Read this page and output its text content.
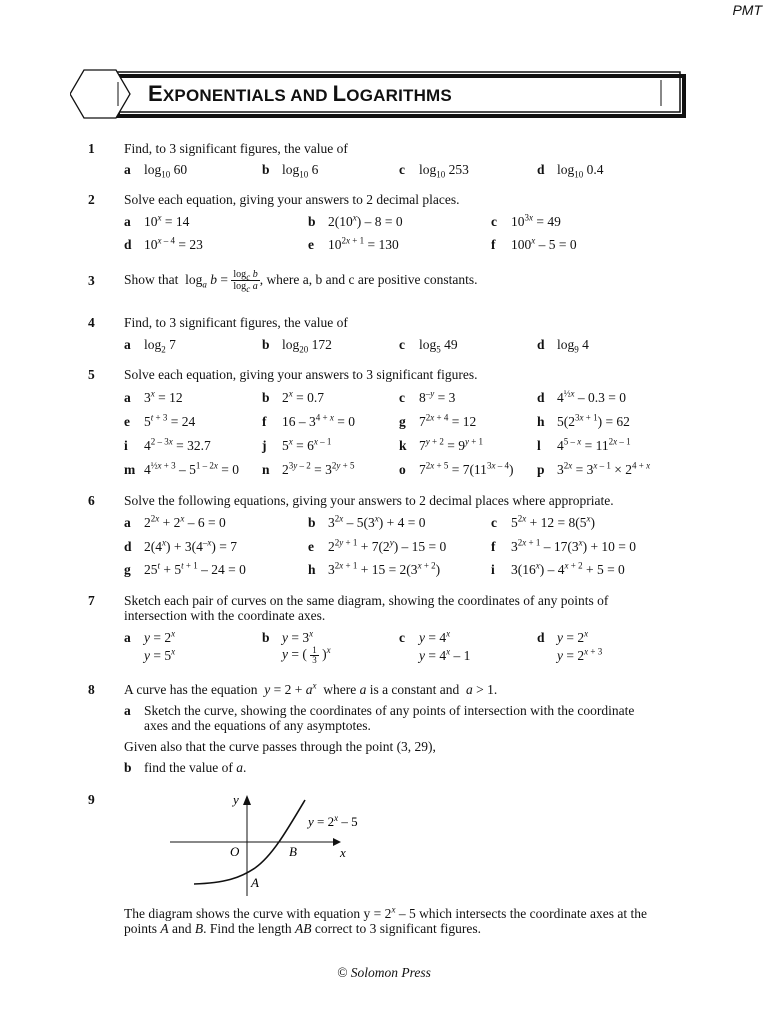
PMT
EXPONENTIALS AND LOGARITHMS
1 Find, to 3 significant figures, the value of
a $\log_{10} 60$	b $\log_{10} 6$	c $\log_{10} 253$	d $\log_{10} 0.4$
2 Solve each equation, giving your answers to 2 decimal places.
a $10^x = 14$	b 2(10$^x$) – 8 = 0	c $10^{3x} = 49$
d $10^{x - 4} = 23$	e $10^{2x + 1} = 130$	f 100$^x$ – 5 = 0
3 Show that  $\log_a b = \frac{\log_c b}{\log_c a}$ , where a, b and c are positive constants.
4 Find, to 3 significant figures, the value of
a $\log_2 7$	b $\log_{20} 172$	c $\log_5 49$	d $\log_9 4$
5 Solve each equation, giving your answers to 3 significant figures.
a $3^x = 12$	b $2^x = 0.7$	c $8^{-y} = 3$	d $4^{\frac{1}{2}x} - 0.3 = 0$
e $5^{t + 3} = 24$	f $16 - 3^{4 + x} = 0$	g $7^{2x + 4} = 12$	h $5(2^{3x + 1}) = 62$
i $4^{2 - 3x} = 32.7$	j $5^x = 6^{x - 1}$	k $7^{y + 2} = 9^{y + 1}$	l $4^{5 - x} = 11^{2x - 1}$
m $4^{\frac{1}{2}x + 3} - 5^{1 - 2x} = 0$ n $2^{3y - 2} = 3^{2y + 5}$	o $7^{2x + 5} = 7(11^{3x - 4})$ p $3^{2x} = 3^{x - 1} \times 2^{4 + x}$
6 Solve the following equations, giving your answers to 2 decimal places where appropriate.
a $2^{2x} + 2^x - 6 = 0$	b $3^{2x} - 5(3^x) + 4 = 0$	c $5^{2x} + 12 = 8(5^x)$
d $2(4^x) + 3(4^{-x}) = 7$	e $2^{2y + 1} + 7(2^y) - 15 = 0$	f $3^{2x + 1} - 17(3^x) + 10 = 0$
g $25^t + 5^{t + 1} - 24 = 0$	h $3^{2x + 1} + 15 = 2(3^{x + 2})$	i $3(16^x) - 4^{x + 2} + 5 = 0$
7 Sketch each pair of curves on the same diagram, showing the coordinates of any points of
intersection with the coordinate axes.
a $y = 2^x$
$y = 5^x$
b $y = 3^x$
y = ( $\frac{1}{3} )^x$
c $y = 4^x$
$y = 4^x - 1$
d $y = 2^x$
$y = 2^{x + 3}$
8 A curve has the equation  $y = 2 + a^x$  where a is a constant and  a > 1.
a Sketch the curve, showing the coordinates of any points of intersection with the coordinate
axes and the equations of any asymptotes.
Given also that the curve passes through the point (3, 29),
b find the value of a.
9	y
x
O	B
A
$y = 2^x - 5$
The diagram shows the curve with equation $y = 2^x - 5$ which intersects the coordinate axes at the
points A and B. Find the length AB correct to 3 significant figures.
© Solomon Press
